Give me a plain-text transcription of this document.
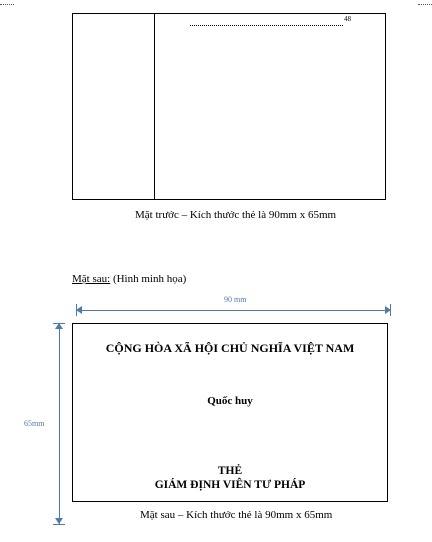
48
Mặt trước – Kích thước thẻ là 90mm x 65mm
Mặt sau: (Hình minh họa)
90 mm
65mm
CỘNG HÒA XÃ HỘI CHỦ NGHĨA VIỆT NAM
Quốc huy
THẺ
GIÁM ĐỊNH VIÊN TƯ PHÁP
Mặt sau – Kích thước thẻ là 90mm x 65mm
